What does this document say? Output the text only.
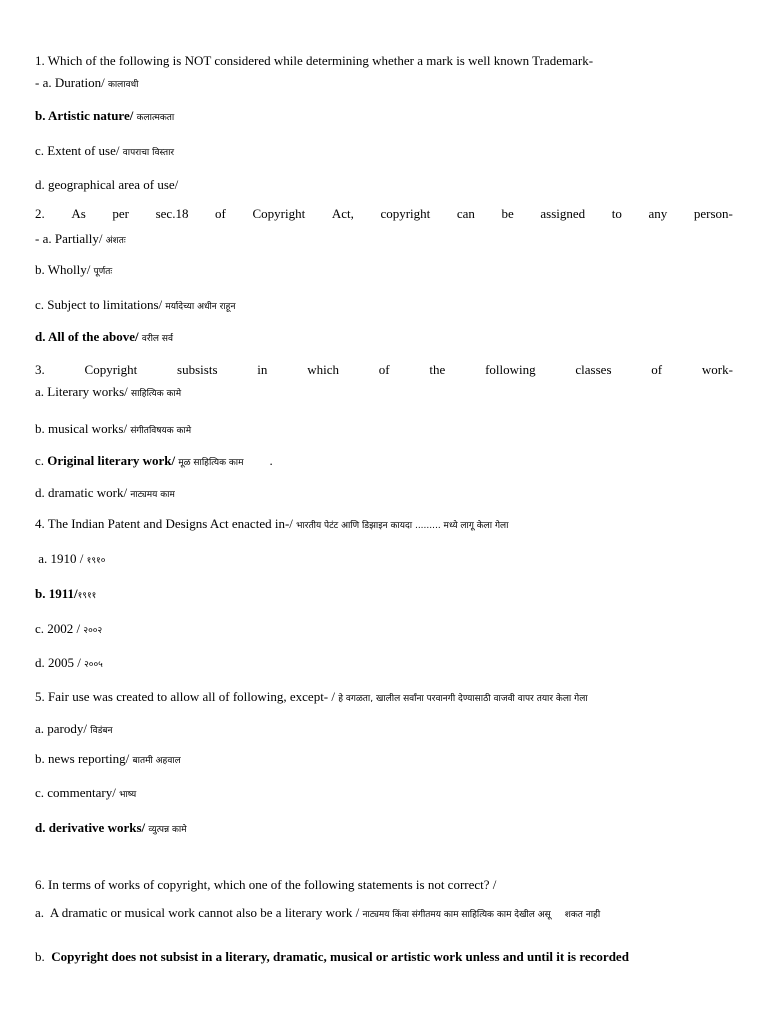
1. Which of the following is NOT considered while determining whether a mark is well known Trademark-
- a. Duration/ कालावधी
b. Artistic nature/ कलात्मकता
c. Extent of use/ वापराचा विस्तार
d. geographical area of use/
2. As per sec.18 of Copyright Act, copyright can be assigned to any person-
- a. Partially/ अंशतः
b. Wholly/ पूर्णतः
c. Subject to limitations/ मर्यादेच्या अधीन राहून
d. All of the above/ वरील सर्व
3.	Copyright	subsists	in	which	of	the	following	classes	of	work-
a. Literary works/ साहित्यिक कामे
b. musical works/ संगीतविषयक कामे
c. Original literary work/ मूळ साहित्यिक काम        .
d. dramatic work/ नाट्यमय काम
4. The Indian Patent and Designs Act enacted in-/ भारतीय पेटंट आणि डिझाइन कायदा ......... मध्ये लागू केला गेला
a. 1910 / १९१०
b. 1911/१९११
c. 2002 / २००२
d. 2005 / २००५
5. Fair use was created to allow all of following, except- / हे वगळता, खालील सर्वांना परवानगी देण्यासाठी वाजवी वापर तयार केला गेला
a. parody/ विडंबन
b. news reporting/ बातमी अहवाल
c. commentary/ भाष्य
d. derivative works/ व्युत्पन्न कामे
6. In terms of works of copyright, which one of the following statements is not correct? /
a.  A dramatic or musical work cannot also be a literary work / नाट्यमय किंवा संगीतमय काम साहित्यिक काम देखील असू शकत नाही
b.  Copyright does not subsist in a literary, dramatic, musical or artistic work unless and until it is recorded
